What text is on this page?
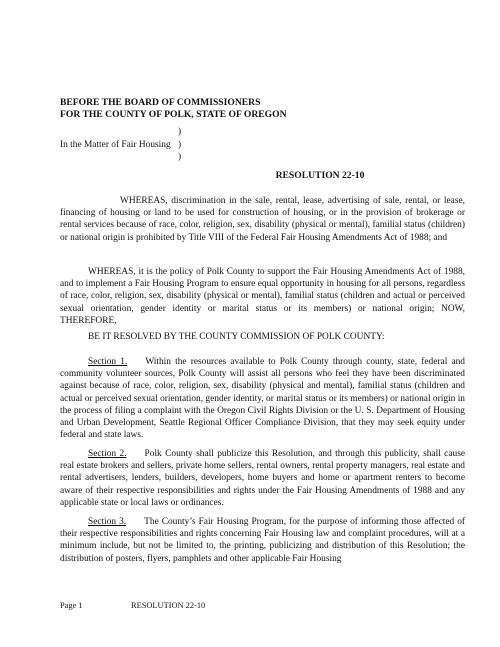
BEFORE THE BOARD OF COMMISSIONERS
FOR THE COUNTY OF POLK, STATE OF OREGON
)
In the Matter of Fair Housing )
)
RESOLUTION 22-10

WHEREAS, discrimination in the sale, rental, lease, advertising of sale, rental, or lease, financing of housing or land to be used for construction of housing, or in the provision of brokerage or rental services because of race, color, religion, sex, disability (physical or mental), familial status (children) or national origin is prohibited by Title VIII of the Federal Fair Housing Amendments Act of 1988; and

WHEREAS, it is the policy of Polk County to support the Fair Housing Amendments Act of 1988, and to implement a Fair Housing Program to ensure equal opportunity in housing for all persons, regardless of race, color, religion, sex, disability (physical or mental), familial status (children and actual or perceived sexual orientation, gender identity or marital status or its members) or national origin; NOW, THEREFORE,

BE IT RESOLVED BY THE COUNTY COMMISSION OF POLK COUNTY:

Section 1. Within the resources available to Polk County through county, state, federal and community volunteer sources, Polk County will assist all persons who feel they have been discriminated against because of race, color, religion, sex, disability (physical and mental), familial status (children and actual or perceived sexual orientation, gender identity, or marital status or its members) or national origin in the process of filing a complaint with the Oregon Civil Rights Division or the U. S. Department of Housing and Urban Development, Seattle Regional Officer Compliance Division, that they may seek equity under federal and state laws.

Section 2. Polk County shall publicize this Resolution, and through this publicity, shall cause real estate brokers and sellers, private home sellers, rental owners, rental property managers, real estate and rental advertisers, lenders, builders, developers, home buyers and home or apartment renters to become aware of their respective responsibilities and rights under the Fair Housing Amendments of 1988 and any applicable state or local laws or ordinances.

Section 3. The County’s Fair Housing Program, for the purpose of informing those affected of their respective responsibilities and rights concerning Fair Housing law and complaint procedures, will at a minimum include, but not be limited to, the printing, publicizing and distribution of this Resolution; the distribution of posters, flyers, pamphlets and other applicable Fair Housing

Page 1	RESOLUTION 22-10
